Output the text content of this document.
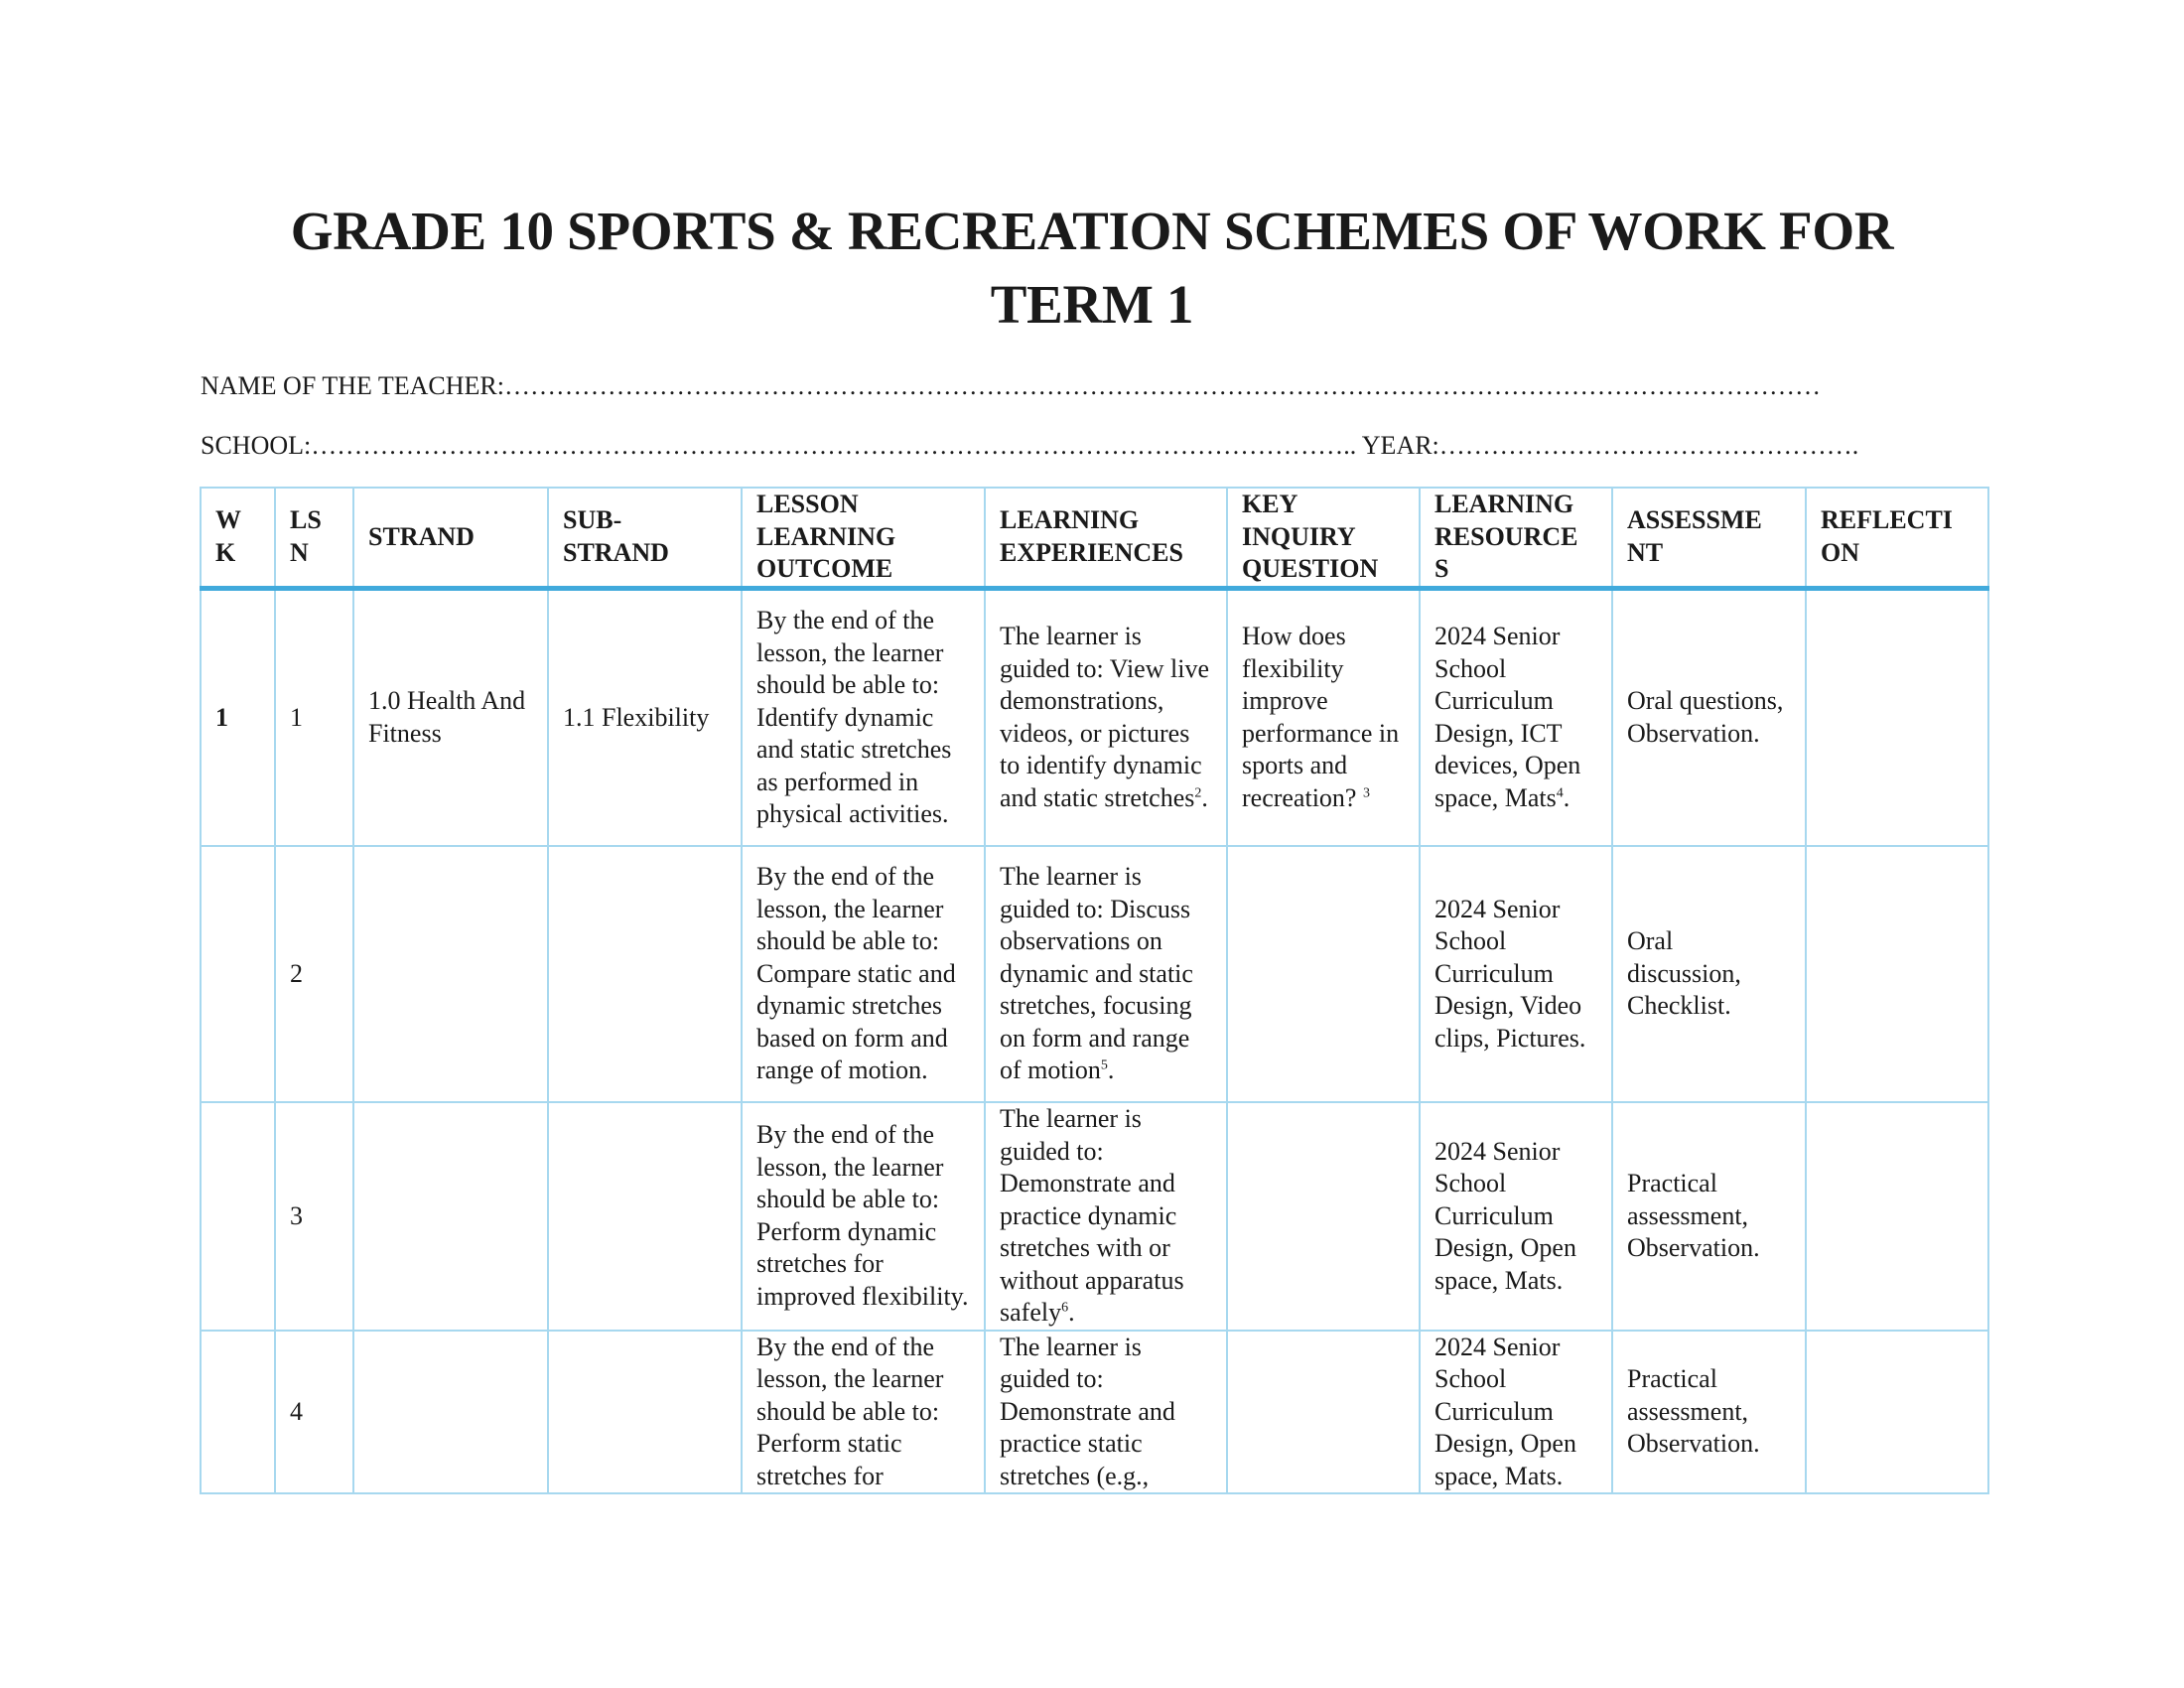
GRADE 10 SPORTS & RECREATION SCHEMES OF WORK FOR
TERM 1
NAME OF THE TEACHER:………………………………………………………………………………………………………………………………………
SCHOOL:………………………………………………………………………………………………………….. YEAR:………………………………………….
W K	LS N	STRAND	SUB- STRAND	LESSON LEARNING OUTCOME	LEARNING EXPERIENCES	KEY INQUIRY QUESTION	LEARNING RESOURCE S	ASSESSME NT	REFLECTI ON
1	1	1.0 Health And Fitness	1.1 Flexibility	By the end of the lesson, the learner should be able to: Identify dynamic and static stretches as performed in physical activities.	The learner is guided to: View live demonstrations, videos, or pictures to identify dynamic and static stretches$^2$.	How does flexibility improve performance in sports and recreation? $^3$	2024 Senior School Curriculum Design, ICT devices, Open space, Mats$^4$.	Oral questions, Observation.	
	2			By the end of the lesson, the learner should be able to: Compare static and dynamic stretches based on form and range of motion.	The learner is guided to: Discuss observations on dynamic and static stretches, focusing on form and range of motion$^5$.		2024 Senior School Curriculum Design, Video clips, Pictures.	Oral discussion, Checklist.	
	3			By the end of the lesson, the learner should be able to: Perform dynamic stretches for improved flexibility.	The learner is guided to: Demonstrate and practice dynamic stretches with or without apparatus safely$^6$.		2024 Senior School Curriculum Design, Open space, Mats.	Practical assessment, Observation.	
	4			By the end of the lesson, the learner should be able to: Perform static stretches for	The learner is guided to: Demonstrate and practice static stretches (e.g.,		2024 Senior School Curriculum Design, Open space, Mats.	Practical assessment, Observation.	
